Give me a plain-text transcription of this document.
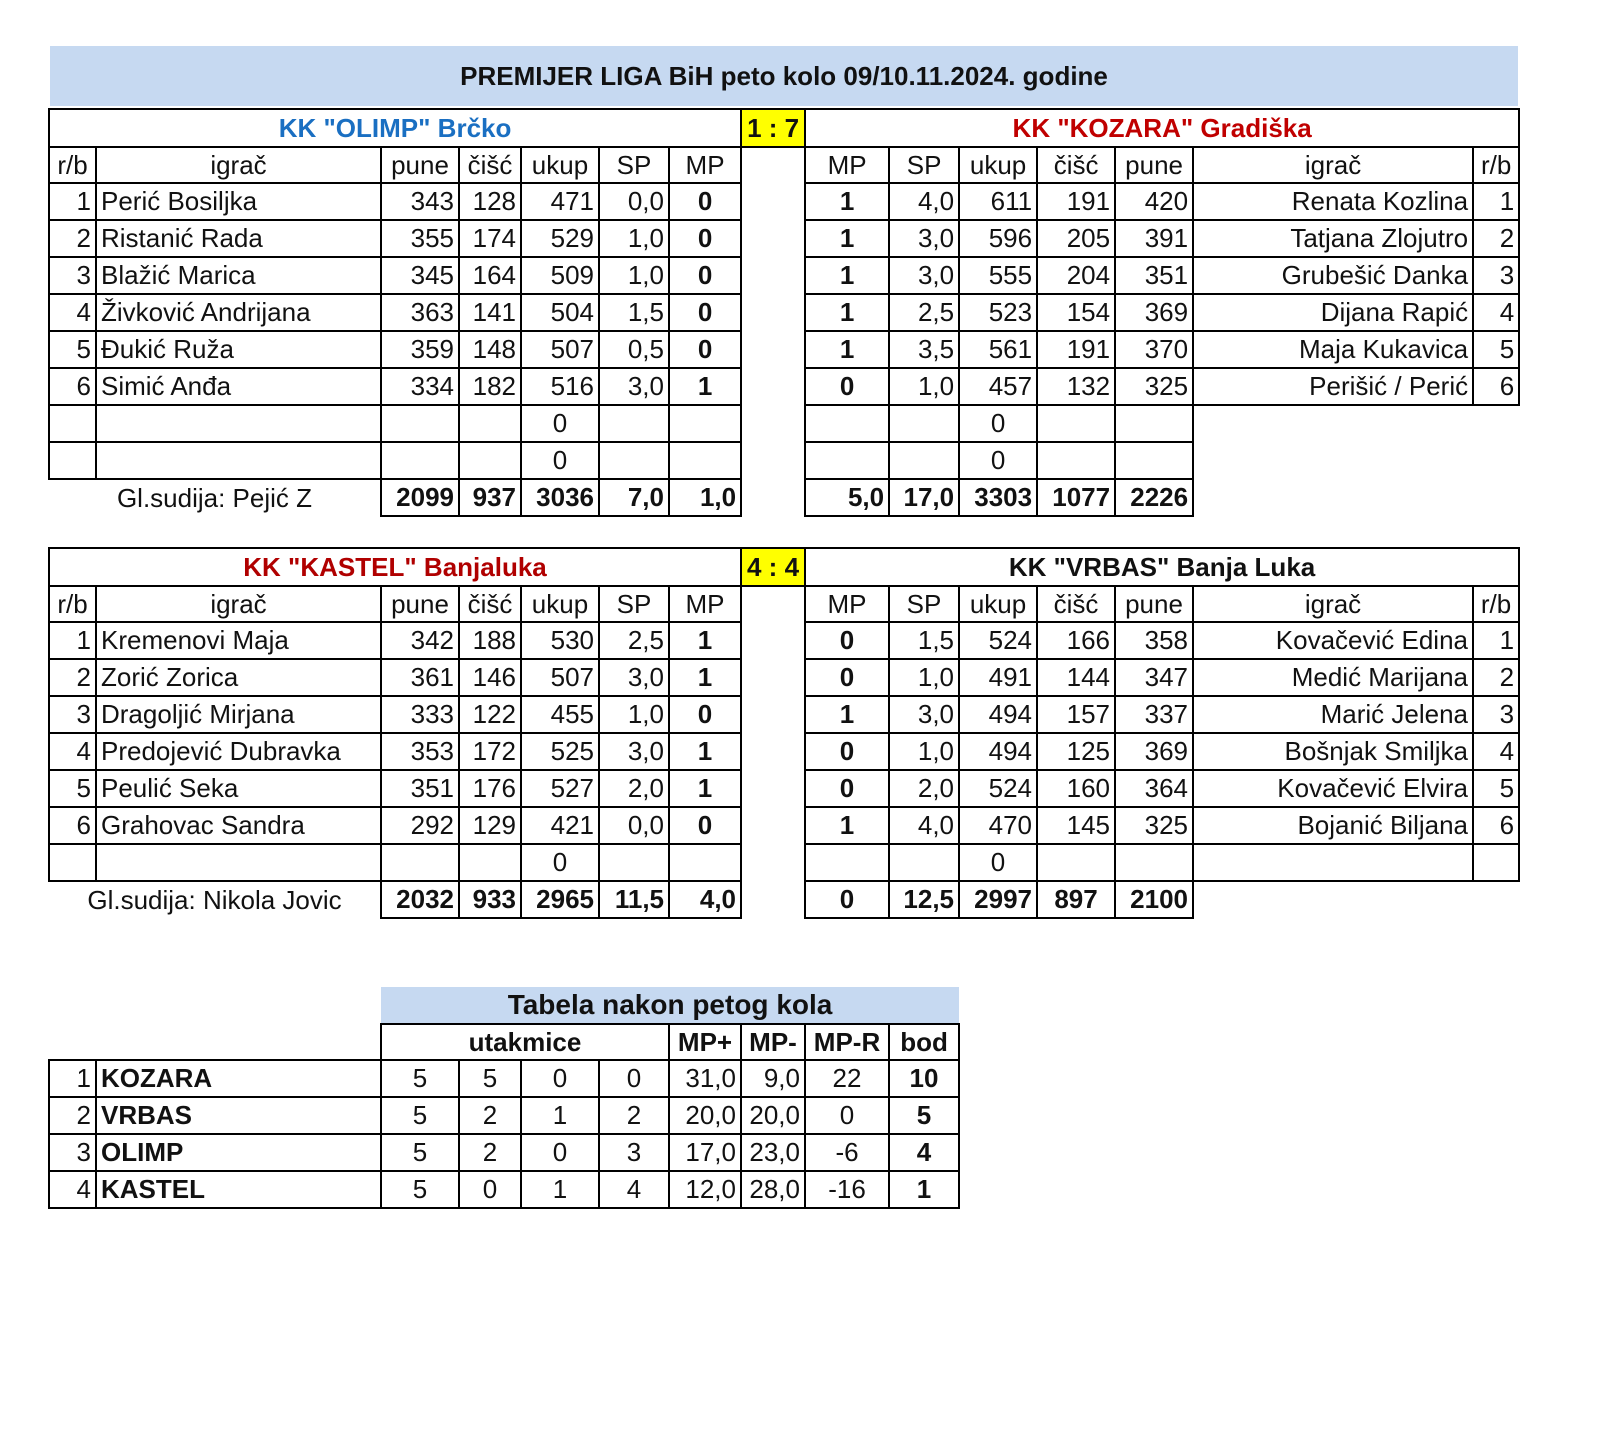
PREMIJER LIGA BiH peto kolo 09/10.11.2024. godine
KK "OLIMP" Brčko							1 : 7	KK "KOZARA" Gradiška						
r/b	igrač	pune	čišć	ukup	SP	MP		MP	SP	ukup	čišć	pune	igrač	r/b
1	Perić Bosiljka	343	128	471	0,0	0		1	4,0	611	191	420	Renata Kozlina	1
2	Ristanić Rada	355	174	529	1,0	0		1	3,0	596	205	391	Tatjana Zlojutro	2
3	Blažić Marica	345	164	509	1,0	0		1	3,0	555	204	351	Grubešić Danka	3
4	Živković Andrijana	363	141	504	1,5	0		1	2,5	523	154	369	Dijana Rapić	4
5	Đukić Ruža	359	148	507	0,5	0		1	3,5	561	191	370	Maja Kukavica	5
6	Simić Anđa	334	182	516	3,0	1		0	1,0	457	132	325	Perišić / Perić	6
				0						0				
				0						0				
Gl.sudija: Pejić Z		2099	937	3036	7,0	1,0		5,0	17,0	3303	1077	2226		
KK "KASTEL" Banjaluka							4 : 4	KK "VRBAS" Banja Luka						
r/b	igrač	pune	čišć	ukup	SP	MP		MP	SP	ukup	čišć	pune	igrač	r/b
1	Kremenovi Maja	342	188	530	2,5	1		0	1,5	524	166	358	Kovačević Edina	1
2	Zorić Zorica	361	146	507	3,0	1		0	1,0	491	144	347	Medić Marijana	2
3	Dragoljić Mirjana	333	122	455	1,0	0		1	3,0	494	157	337	Marić Jelena	3
4	Predojević Dubravka	353	172	525	3,0	1		0	1,0	494	125	369	Bošnjak Smiljka	4
5	Peulić Seka	351	176	527	2,0	1		0	2,0	524	160	364	Kovačević Elvira	5
6	Grahovac Sandra	292	129	421	0,0	0		1	4,0	470	145	325	Bojanić Biljana	6
				0						0				
Gl.sudija: Nikola Jovic		2032	933	2965	11,5	4,0		0	12,5	2997	897	2100		
		Tabela nakon petog kola							
		utakmice				MP+	MP-	MP-R	bod
1	KOZARA	5	5	0	0	31,0	9,0	22	10
2	VRBAS	5	2	1	2	20,0	20,0	0	5
3	OLIMP	5	2	0	3	17,0	23,0	-6	4
4	KASTEL	5	0	1	4	12,0	28,0	-16	1
